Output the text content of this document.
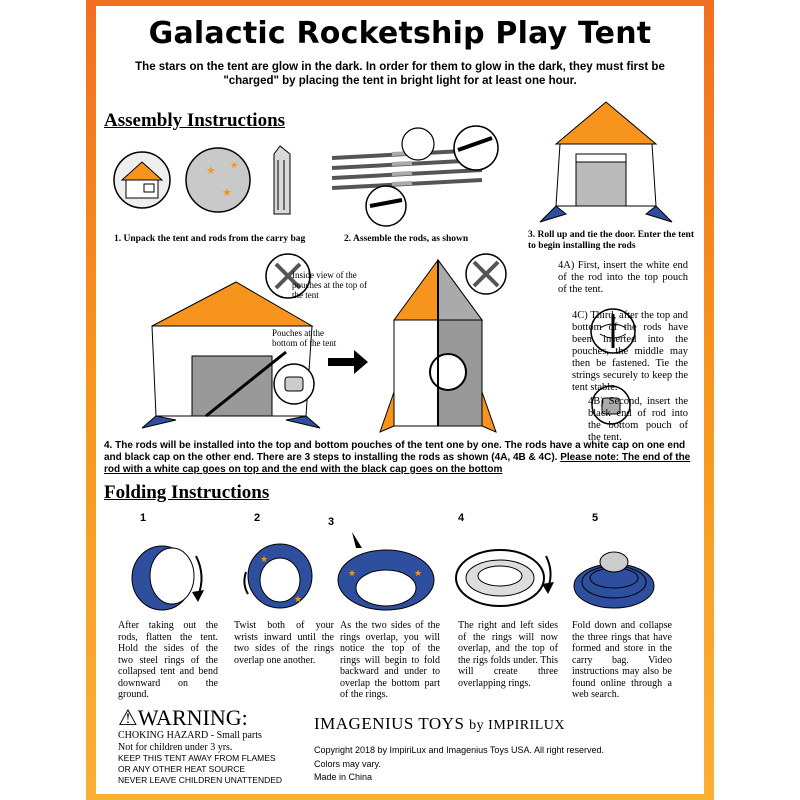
Galactic Rocketship Play Tent
The stars on the tent are glow in the dark. In order for them to glow in the dark, they must first be "charged" by placing the tent in bright light for at least one hour.
Assembly Instructions
★
★
★
1. Unpack the tent and rods from the carry bag	2. Assemble the rods, as shown	3. Roll up and tie the door. Enter the tent to begin installing the rods
Inside view of the pouches at the top of the tent
Pouches at the bottom of the tent
4A) First, insert the white end of the rod into the top pouch of the tent.
4C) Third, after the top and bottom of the rods have been inserted into the pouches, the middle may then be fastened. Tie the strings securely to keep the tent stable.
4B) Second, insert the black end of rod into the bottom pouch of the tent.
4. The rods will be installed into the top and bottom pouches of the tent one by one. The rods have a white cap on one end and black cap on the other end. There are 3 steps to installing the rods as shown (4A, 4B & 4C). Please note: The end of the rod with a white cap goes on top and the end with the black cap goes on the bottom
Folding Instructions
1	2	3	4	5
★
★
★	★
After taking out the rods, flatten the tent. Hold the sides of the two steel rings of the collapsed tent and bend downward on the ground.
Twist both of your wrists inward until the two sides of the rings overlap one another.
As the two sides of the rings overlap, you will notice the top of the rings will begin to fold backward and under to overlap the bottom part of the rings.
The right and left sides of the rings will now overlap, and the top of the rigs folds under. This will create three overlapping rings.
Fold down and collapse the three rings that have formed and store in the carry bag. Video instructions may also be found online through a web search.
⚠WARNING:
CHOKING HAZARD - Small parts
Not for children under 3 yrs.
KEEP THIS TENT AWAY FROM FLAMES
OR ANY OTHER HEAT SOURCE
NEVER LEAVE CHILDREN UNATTENDED
IMAGENIUS TOYS by IMPIRILUX
Copyright 2018 by ImpiriLux and Imagenius Toys USA. All right reserved.
Colors may vary.
Made in China
